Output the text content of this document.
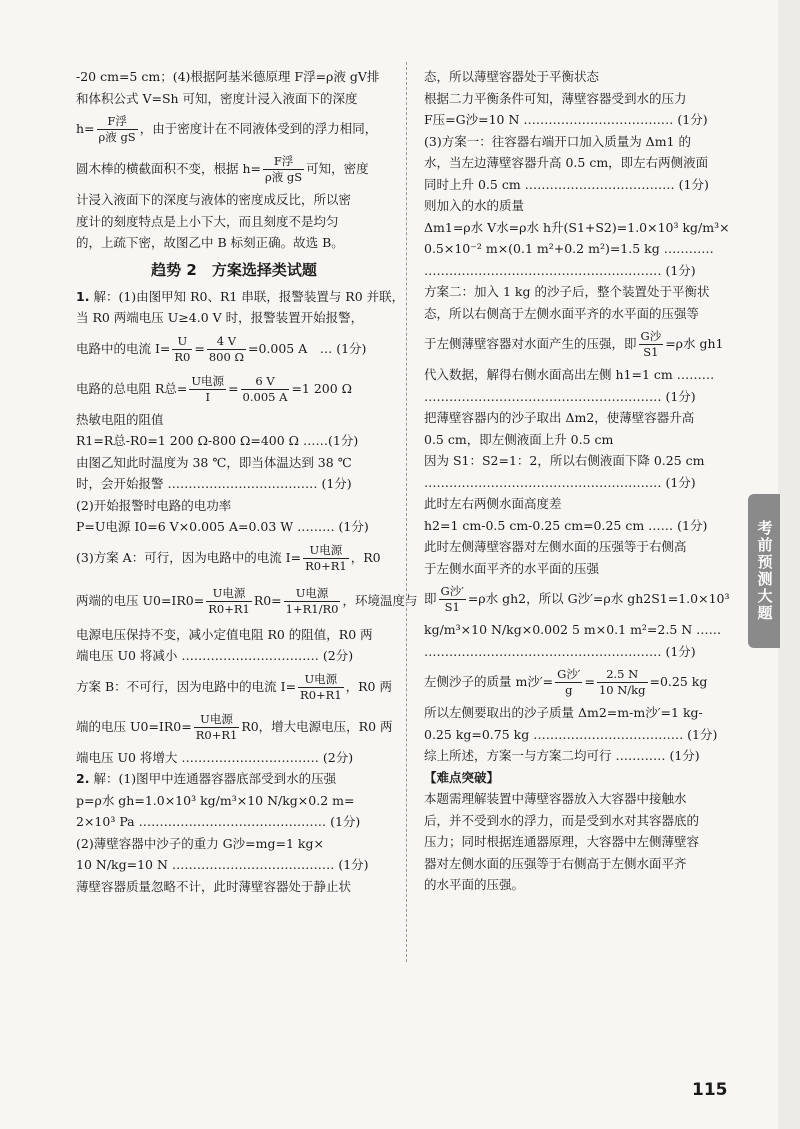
-20 cm=5 cm；(4)根据阿基米德原理 F浮=ρ液 gV排
和体积公式 V=Sh 可知，密度计浸入液面下的深度
$h= \frac{\text{F浮}}{\text{ρ液 gS}}$ ，由于密度计在不同液体受到的浮力相同，
圆木棒的横截面积不变，根据 $h= \frac{\text{F浮}}{\text{ρ液 gS}}$ 可知，密度
计浸入液面下的深度与液体的密度成反比，所以密
度计的刻度特点是上小下大，而且刻度不是均匀
的，上疏下密，故图乙中 B 标刻正确。故选 B。
趋势 2　方案选择类试题
1. 解：(1)由图甲知 R0、R1 串联，报警装置与 R0 并联，
当 R0 两端电压 U≥4.0 V 时，报警装置开始报警，
电路中的电流 $I= \frac{U}{R0} = \frac{4 V}{800 \Omega} =0.005$ A　… (1分)
电路的总电阻 R总= $\frac{\text{U电源}}{I} = \frac{6 V}{0.005 A} =1$ 200 Ω
热敏电阻的阻值
R1=R总-R0=1 200 Ω-800 Ω=400 Ω ……(1分)
由图乙知此时温度为 38 ℃，即当体温达到 38 ℃
时，会开始报警 ……………………………… (1分)
(2)开始报警时电路的电功率
P=U电源 I0=6 V×0.005 A=0.03 W ……… (1分)
(3)方案 A：可行，因为电路中的电流 $I= \frac{\text{U电源}}{R0+R1}$ ，R0
两端的电压 $U0=IR0= \frac{\text{U电源}}{R0+R1} R0= \frac{\text{U电源}}{1+R1/R0}$ ，环境温度与
电源电压保持不变，减小定值电阻 R0 的阻值，R0 两
端电压 U0 将减小 …………………………… (2分)
方案 B：不可行，因为电路中的电流 $I= \frac{\text{U电源}}{R0+R1}$ ，R0 两
端的电压 $U0=IR0= \frac{\text{U电源}}{R0+R1} R0$，增大电源电压，R0 两
端电压 U0 将增大 …………………………… (2分)
2. 解：(1)图甲中连通器容器底部受到水的压强
p=ρ水 gh=1.0×10³ kg/m³×10 N/kg×0.2 m=
2×10³ Pa ……………………………………… (1分)
(2)薄壁容器中沙子的重力 G沙=mg=1 kg×
10 N/kg=10 N ………………………………… (1分)
薄壁容器质量忽略不计，此时薄壁容器处于静止状
态，所以薄壁容器处于平衡状态
根据二力平衡条件可知，薄壁容器受到水的压力
F压=G沙=10 N ……………………………… (1分)
(3)方案一：往容器右端开口加入质量为 Δm1 的
水，当左边薄壁容器升高 0.5 cm，即左右两侧液面
同时上升 0.5 cm ……………………………… (1分)
则加入的水的质量
Δm1=ρ水 V水=ρ水 h升(S1+S2)=1.0×10³ kg/m³×
0.5×10⁻² m×(0.1 m²+0.2 m²)=1.5 kg …………
………………………………………………… (1分)
方案二：加入 1 kg 的沙子后，整个装置处于平衡状
态，所以右侧高于左侧水面平齐的水平面的压强等
于左侧薄壁容器对水面产生的压强，即 $\frac{\text{G沙}}{S1} =\rho$水 gh1
代入数据，解得右侧水面高出左侧 h1=1 cm ………
………………………………………………… (1分)
把薄壁容器内的沙子取出 Δm2，使薄壁容器升高
0.5 cm，即左侧液面上升 0.5 cm
因为 S1：S2=1：2，所以右侧液面下降 0.25 cm
………………………………………………… (1分)
此时左右两侧水面高度差
h2=1 cm-0.5 cm-0.25 cm=0.25 cm …… (1分)
此时左侧薄壁容器对左侧水面的压强等于右侧高
于左侧水面平齐的水平面的压强
即 $\frac{\text{G沙′}}{S1} =\rho$水 gh2，所以 G沙′=ρ水 gh2S1=1.0×10³
kg/m³×10 N/kg×0.002 5 m×0.1 m²=2.5 N ……
………………………………………………… (1分)
左侧沙子的质量 m沙′= $\frac{\text{G沙′}}{g} = \frac{2.5 N}{10 N/kg} =0.25$ kg
所以左侧要取出的沙子质量 Δm2=m-m沙′=1 kg-
0.25 kg=0.75 kg ……………………………… (1分)
综上所述，方案一与方案二均可行 ………… (1分)
【难点突破】
本题需理解装置中薄壁容器放入大容器中接触水
后，并不受到水的浮力，而是受到水对其容器底的
压力；同时根据连通器原理，大容器中左侧薄壁容
器对左侧水面的压强等于右侧高于左侧水面平齐
的水平面的压强。
考前预测大题
115
